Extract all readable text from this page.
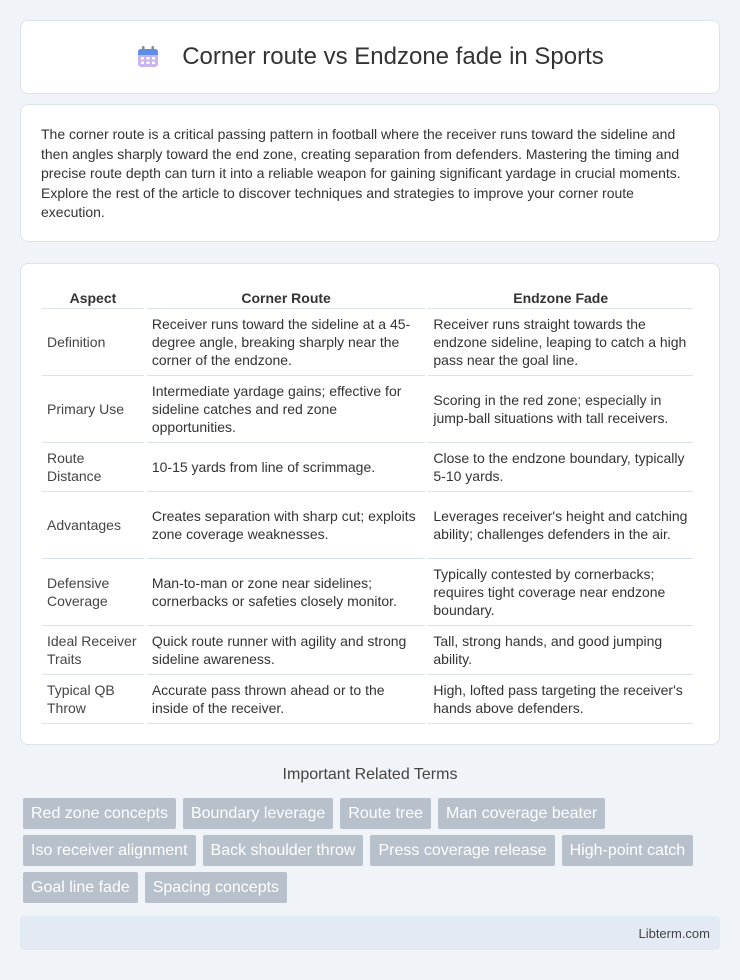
Corner route vs Endzone fade in Sports

The corner route is a critical passing pattern in football where the receiver runs toward the sideline and then angles sharply toward the end zone, creating separation from defenders. Mastering the timing and precise route depth can turn it into a reliable weapon for gaining significant yardage in crucial moments. Explore the rest of the article to discover techniques and strategies to improve your corner route execution.

Aspect	Corner Route	Endzone Fade
Definition	Receiver runs toward the sideline at a 45-degree angle, breaking sharply near the corner of the endzone.	Receiver runs straight towards the endzone sideline, leaping to catch a high pass near the goal line.
Primary Use	Intermediate yardage gains; effective for sideline catches and red zone opportunities.	Scoring in the red zone; especially in jump-ball situations with tall receivers.
Route Distance	10-15 yards from line of scrimmage.	Close to the endzone boundary, typically 5-10 yards.
Advantages	Creates separation with sharp cut; exploits zone coverage weaknesses.	Leverages receiver's height and catching ability; challenges defenders in the air.
Defensive Coverage	Man-to-man or zone near sidelines; cornerbacks or safeties closely monitor.	Typically contested by cornerbacks; requires tight coverage near endzone boundary.
Ideal Receiver Traits	Quick route runner with agility and strong sideline awareness.	Tall, strong hands, and good jumping ability.
Typical QB Throw	Accurate pass thrown ahead or to the inside of the receiver.	High, lofted pass targeting the receiver's hands above defenders.
Important Related Terms
Red zone concepts	Boundary leverage	Route tree	Man coverage beater
Iso receiver alignment	Back shoulder throw	Press coverage release	High-point catch
Goal line fade	Spacing concepts
Libterm.com
